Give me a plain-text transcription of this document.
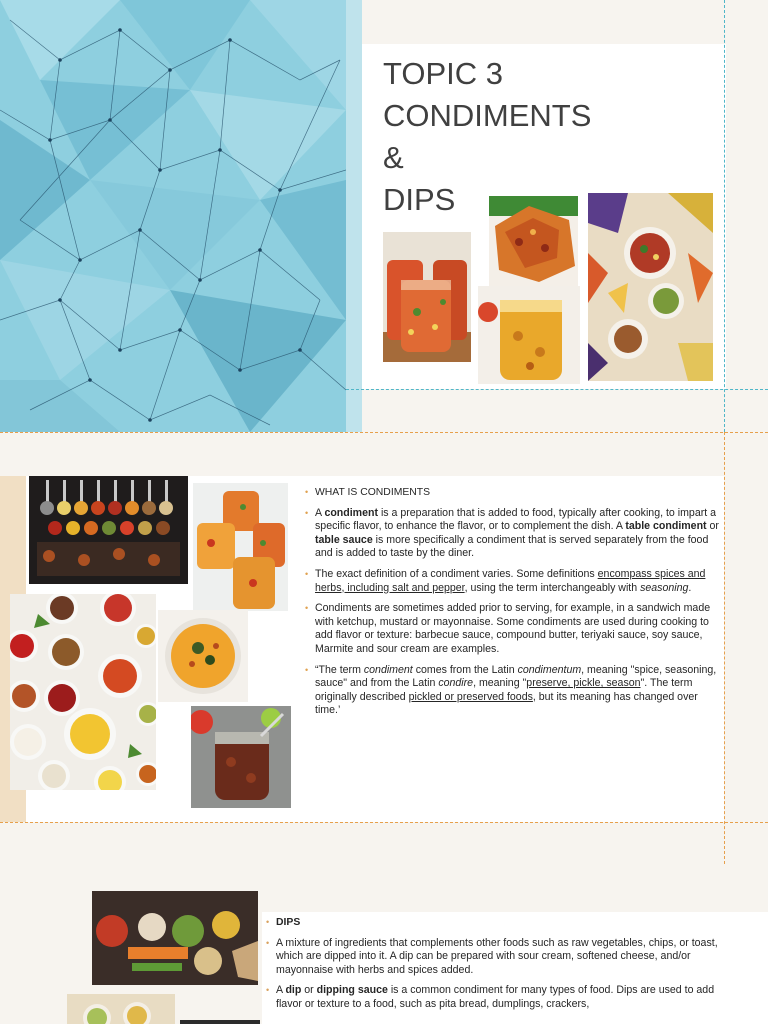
TOPIC 3
CONDIMENTS
&
DIPS
• WHAT IS CONDIMENTS
• A condiment is a preparation that is added to food, typically after cooking, to impart a specific flavor, to enhance the flavor, or to complement the dish. A table condiment or table sauce is more specifically a condiment that is served separately from the food and is added to taste by the diner.
• The exact definition of a condiment varies. Some definitions encompass spices and herbs, including salt and pepper, using the term interchangeably with seasoning.
• Condiments are sometimes added prior to serving, for example, in a sandwich made with ketchup, mustard or mayonnaise. Some condiments are used during cooking to add flavor or texture: barbecue sauce, compound butter, teriyaki sauce, soy sauce, Marmite and sour cream are examples.
• “The term condiment comes from the Latin condimentum, meaning "spice, seasoning, sauce" and from the Latin condire, meaning "preserve, pickle, season". The term originally described pickled or preserved foods, but its meaning has changed over time.’
• DIPS
• A mixture of ingredients that complements other foods such as raw vegetables, chips, or toast, which are dipped into it. A dip can be prepared with sour cream, softened cheese, and/or mayonnaise with herbs and spices added.
• A dip or dipping sauce is a common condiment for many types of food. Dips are used to add flavor or texture to a food, such as pita bread, dumplings, crackers,
